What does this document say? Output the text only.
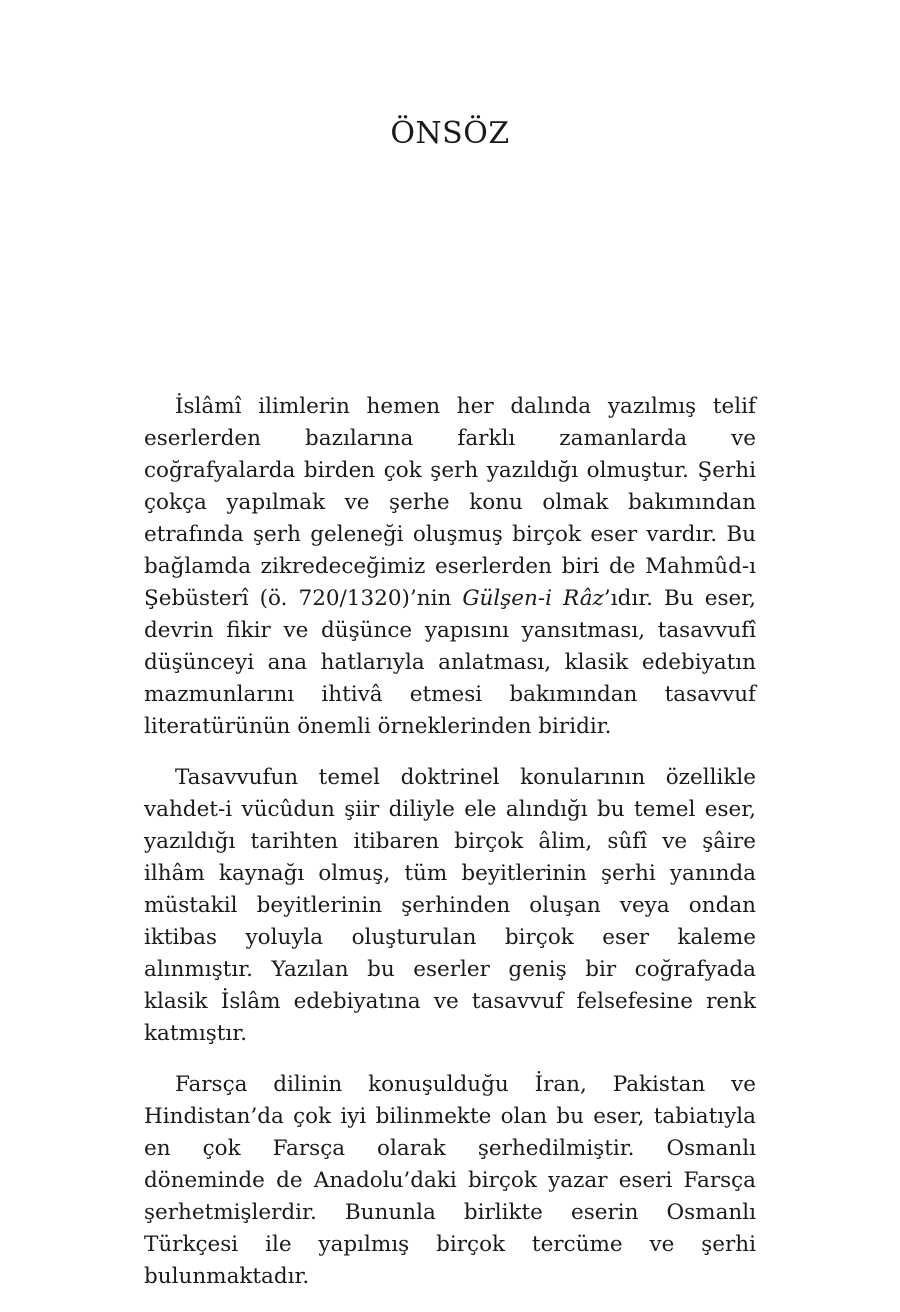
ÖNSÖZ

İslâmî ilimlerin hemen her dalında yazılmış telif eserlerden bazılarına farklı zamanlarda ve coğrafyalarda birden çok şerh yazıldığı olmuştur. Şerhi çokça yapılmak ve şerhe konu olmak bakımından etrafında şerh geleneği oluşmuş birçok eser vardır. Bu bağlamda zikredeceğimiz eserlerden biri de Mahmûd-ı Şebüsterî (ö. 720/1320)’nin Gülşen-i Râz’ıdır. Bu eser, devrin fikir ve düşünce yapısını yansıtması, tasavvufî düşünceyi ana hatlarıyla anlatması, klasik edebiyatın mazmunlarını ihtivâ etmesi bakımından tasavvuf literatürünün önemli örneklerinden biridir.

Tasavvufun temel doktrinel konularının özellikle vahdet-i vücûdun şiir diliyle ele alındığı bu temel eser, yazıldığı tarihten itibaren birçok âlim, sûfî ve şâire ilhâm kaynağı olmuş, tüm beyitlerinin şerhi yanında müstakil beyitlerinin şerhinden oluşan veya ondan iktibas yoluyla oluşturulan birçok eser kaleme alınmıştır. Yazılan bu eserler geniş bir coğrafyada klasik İslâm edebiyatına ve tasavvuf felsefesine renk katmıştır.

Farsça dilinin konuşulduğu İran, Pakistan ve Hindistan’da çok iyi bilinmekte olan bu eser, tabiatıyla en çok Farsça olarak şerhedilmiştir. Osmanlı döneminde de Anadolu’daki birçok yazar eseri Farsça şerhetmişlerdir. Bununla birlikte eserin Osmanlı Türkçesi ile yapılmış birçok tercüme ve şerhi bulunmaktadır.
